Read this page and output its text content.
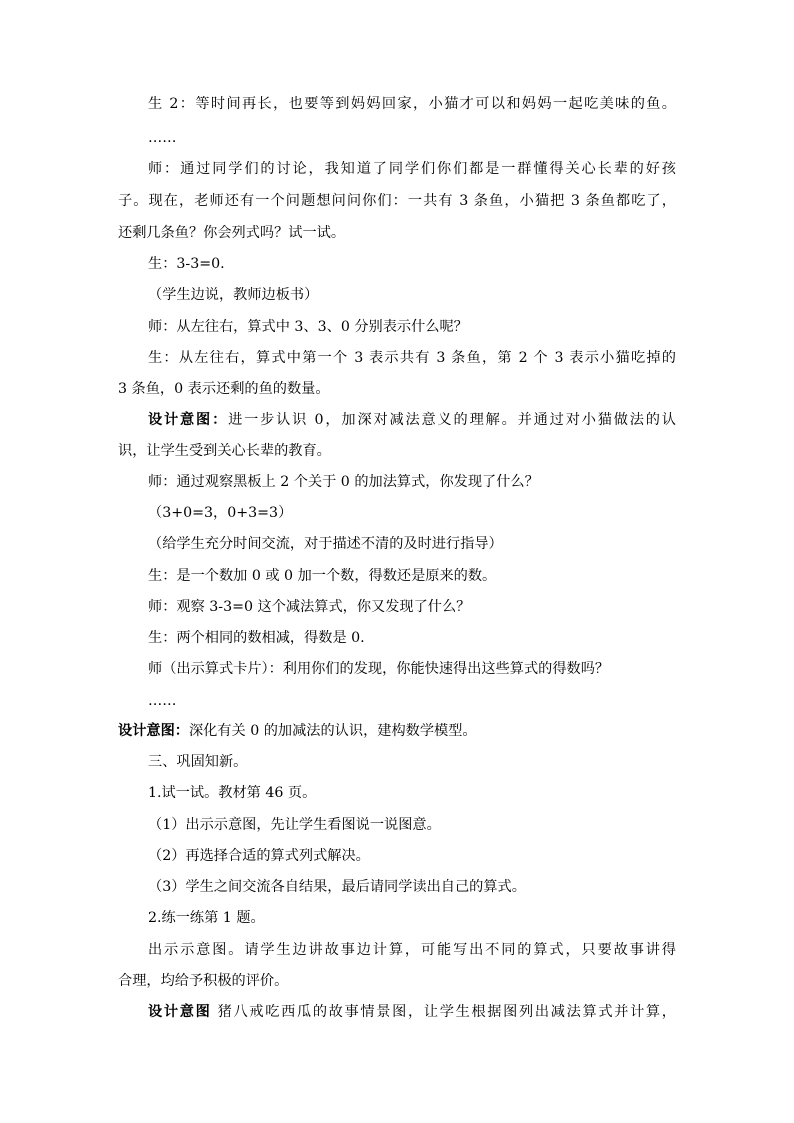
生 2：等时间再长，也要等到妈妈回家，小猫才可以和妈妈一起吃美味的鱼。
……
师：通过同学们的讨论，我知道了同学们你们都是一群懂得关心长辈的好孩
子。现在，老师还有一个问题想问问你们：一共有 3 条鱼，小猫把 3 条鱼都吃了，
还剩几条鱼？你会列式吗？试一试。
生：3-3=0.
（学生边说，教师边板书）
师：从左往右，算式中 3、3、0 分别表示什么呢？
生：从左往右，算式中第一个 3 表示共有 3 条鱼，第 2 个 3 表示小猫吃掉的
3 条鱼，0 表示还剩的鱼的数量。
设计意图：进一步认识 0，加深对减法意义的理解。并通过对小猫做法的认
识，让学生受到关心长辈的教育。
师：通过观察黑板上 2 个关于 0 的加法算式，你发现了什么？
（3+0=3，0+3=3）
（给学生充分时间交流，对于描述不清的及时进行指导）
生：是一个数加 0 或 0 加一个数，得数还是原来的数。
师：观察 3-3=0 这个减法算式，你又发现了什么？
生：两个相同的数相减，得数是 0.
师（出示算式卡片）：利用你们的发现，你能快速得出这些算式的得数吗？
……
设计意图：深化有关 0 的加减法的认识，建构数学模型。
三、巩固知新。
1.试一试。教材第 46 页。
（1）出示示意图，先让学生看图说一说图意。
（2）再选择合适的算式列式解决。
（3）学生之间交流各自结果，最后请同学读出自己的算式。
2.练一练第 1 题。
出示示意图。请学生边讲故事边计算，可能写出不同的算式，只要故事讲得
合理，均给予积极的评价。
设计意图 猪八戒吃西瓜的故事情景图，让学生根据图列出减法算式并计算，
